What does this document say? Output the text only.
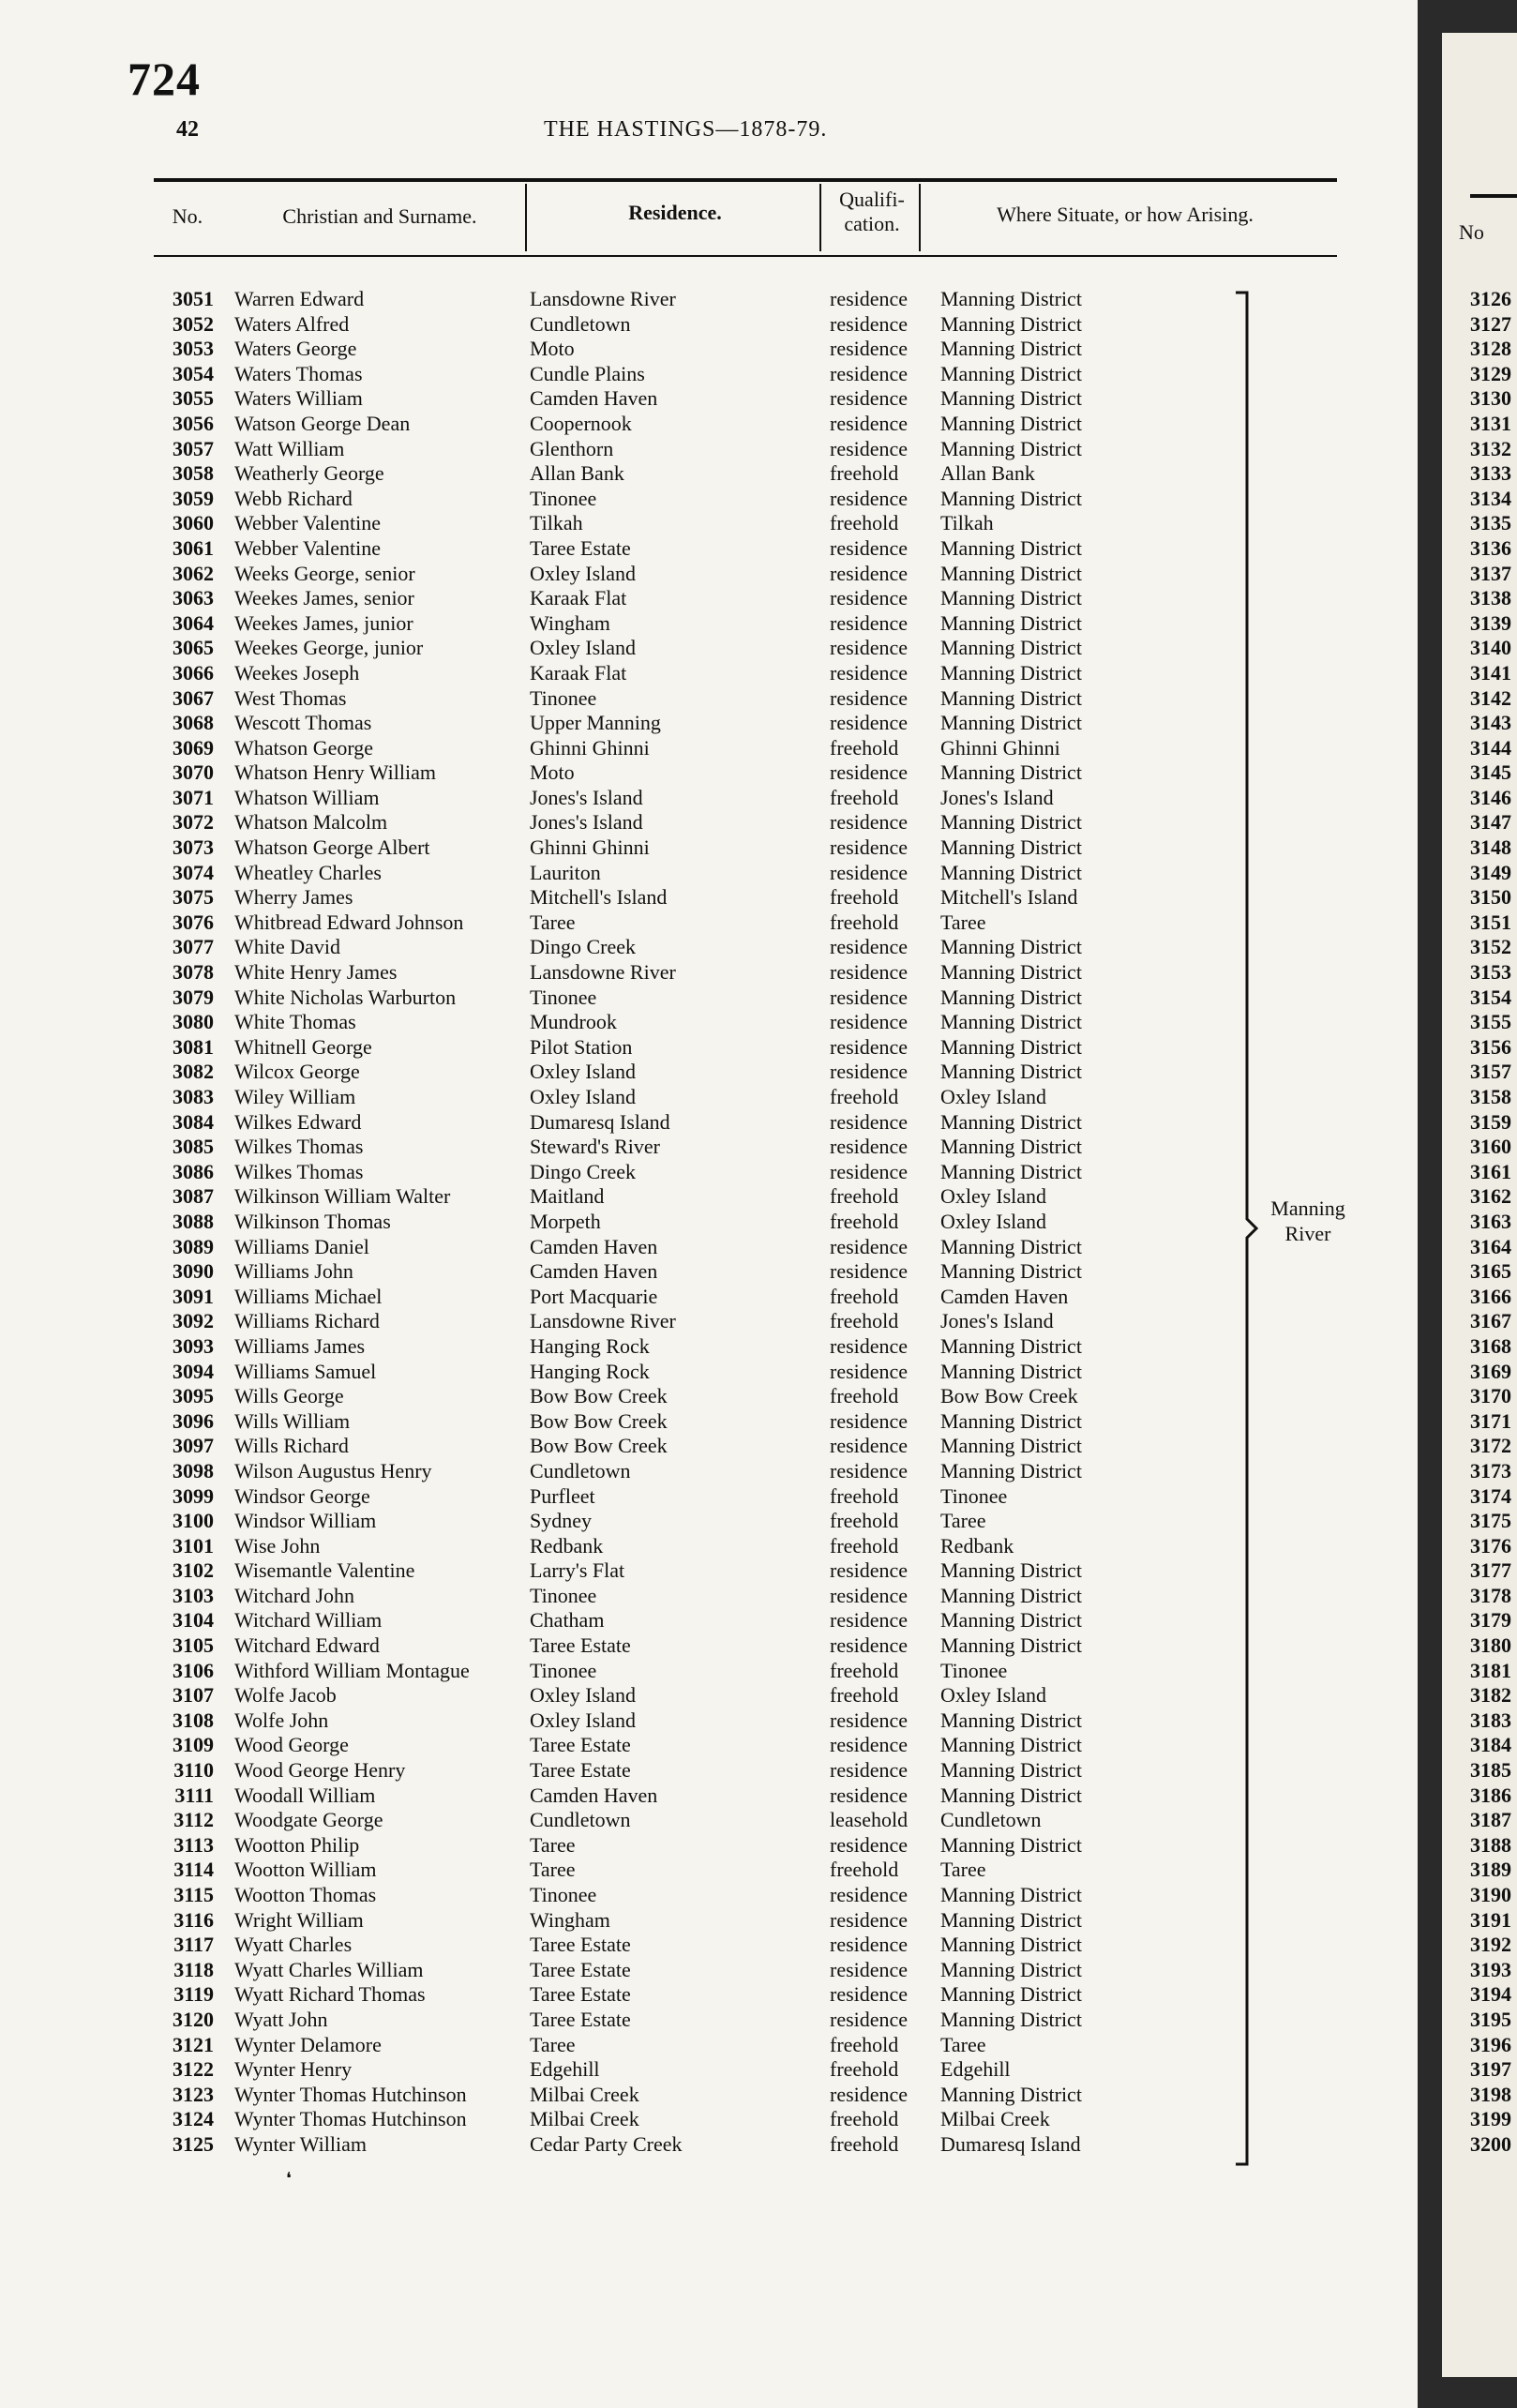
724
42	THE HASTINGS—1878-79.
No.	Christian and Surname.	Residence.
Qualifi-cation.	Where Situate, or how Arising.
3051 Warren Edward	Lansdowne River	residence Manning District
3052 Waters Alfred	Cundletown	residence Manning District
3053 Waters George	Moto	residence Manning District
3054 Waters Thomas	Cundle Plains	residence Manning District
3055 Waters William	Camden Haven	residence Manning District
3056 Watson George Dean	Coopernook	residence Manning District
3057 Watt William	Glenthorn	residence Manning District
3058 Weatherly George	Allan Bank	freehold Allan Bank
3059 Webb Richard	Tinonee	residence Manning District
3060 Webber Valentine	Tilkah	freehold Tilkah
3061 Webber Valentine	Taree Estate	residence Manning District
3062 Weeks George, senior	Oxley Island	residence Manning District
3063 Weekes James, senior	Karaak Flat	residence Manning District
3064 Weekes James, junior	Wingham	residence Manning District
3065 Weekes George, junior	Oxley Island	residence Manning District
3066 Weekes Joseph	Karaak Flat	residence Manning District
3067 West Thomas	Tinonee	residence Manning District
3068 Wescott Thomas	Upper Manning	residence Manning District
3069 Whatson George	Ghinni Ghinni	freehold Ghinni Ghinni
3070 Whatson Henry William	Moto	residence Manning District
3071 Whatson William	Jones's Island	freehold Jones's Island
3072 Whatson Malcolm	Jones's Island	residence Manning District
3073 Whatson George Albert	Ghinni Ghinni	residence Manning District
3074 Wheatley Charles	Lauriton	residence Manning District
3075 Wherry James	Mitchell's Island	freehold Mitchell's Island
3076 Whitbread Edward Johnson	Taree	freehold Taree
3077 White David	Dingo Creek	residence Manning District
3078 White Henry James	Lansdowne River	residence Manning District
3079 White Nicholas Warburton	Tinonee	residence Manning District
3080 White Thomas	Mundrook	residence Manning District
3081 Whitnell George	Pilot Station	residence Manning District
3082 Wilcox George	Oxley Island	residence Manning District
3083 Wiley William	Oxley Island	freehold Oxley Island
3084 Wilkes Edward	Dumaresq Island	residence Manning District
3085 Wilkes Thomas	Steward's River	residence Manning District
3086 Wilkes Thomas	Dingo Creek	residence Manning District
3087 Wilkinson William Walter	Maitland	freehold Oxley Island
3088 Wilkinson Thomas	Morpeth	freehold Oxley Island
3089 Williams Daniel	Camden Haven	residence Manning District
3090 Williams John	Camden Haven	residence Manning District
3091 Williams Michael	Port Macquarie	freehold Camden Haven
3092 Williams Richard	Lansdowne River	freehold Jones's Island
3093 Williams James	Hanging Rock	residence Manning District
3094 Williams Samuel	Hanging Rock	residence Manning District
3095 Wills George	Bow Bow Creek	freehold Bow Bow Creek
3096 Wills William	Bow Bow Creek	residence Manning District
3097 Wills Richard	Bow Bow Creek	residence Manning District
3098 Wilson Augustus Henry	Cundletown	residence Manning District
3099 Windsor George	Purfleet	freehold Tinonee
3100 Windsor William	Sydney	freehold Taree
3101 Wise John	Redbank	freehold Redbank
3102 Wisemantle Valentine	Larry's Flat	residence Manning District
3103 Witchard John	Tinonee	residence Manning District
3104 Witchard William	Chatham	residence Manning District
3105 Witchard Edward	Taree Estate	residence Manning District
3106 Withford William Montague	Tinonee	freehold Tinonee
3107 Wolfe Jacob	Oxley Island	freehold Oxley Island
3108 Wolfe John	Oxley Island	residence Manning District
3109 Wood George	Taree Estate	residence Manning District
3110 Wood George Henry	Taree Estate	residence Manning District
3111 Woodall William	Camden Haven	residence Manning District
3112 Woodgate George	Cundletown	leasehold Cundletown
3113 Wootton Philip	Taree	residence Manning District
3114 Wootton William	Taree	freehold Taree
3115 Wootton Thomas	Tinonee	residence Manning District
3116 Wright William	Wingham	residence Manning District
3117 Wyatt Charles	Taree Estate	residence Manning District
3118 Wyatt Charles William	Taree Estate	residence Manning District
3119 Wyatt Richard Thomas	Taree Estate	residence Manning District
3120 Wyatt John	Taree Estate	residence Manning District
3121 Wynter Delamore	Taree	freehold Taree
3122 Wynter Henry	Edgehill	freehold Edgehill
3123 Wynter Thomas Hutchinson	Milbai Creek	residence Manning District
3124 Wynter Thomas Hutchinson	Milbai Creek	freehold Milbai Creek
3125 Wynter William	Cedar Party Creek	freehold Dumaresq Island
Manning River
❛
No
3126
3127
3128
3129
3130
3131
3132
3133
3134
3135
3136
3137
3138
3139
3140
3141
3142
3143
3144
3145
3146
3147
3148
3149
3150
3151
3152
3153
3154
3155
3156
3157
3158
3159
3160
3161
3162
3163
3164
3165
3166
3167
3168
3169
3170
3171
3172
3173
3174
3175
3176
3177
3178
3179
3180
3181
3182
3183
3184
3185
3186
3187
3188
3189
3190
3191
3192
3193
3194
3195
3196
3197
3198
3199
3200
